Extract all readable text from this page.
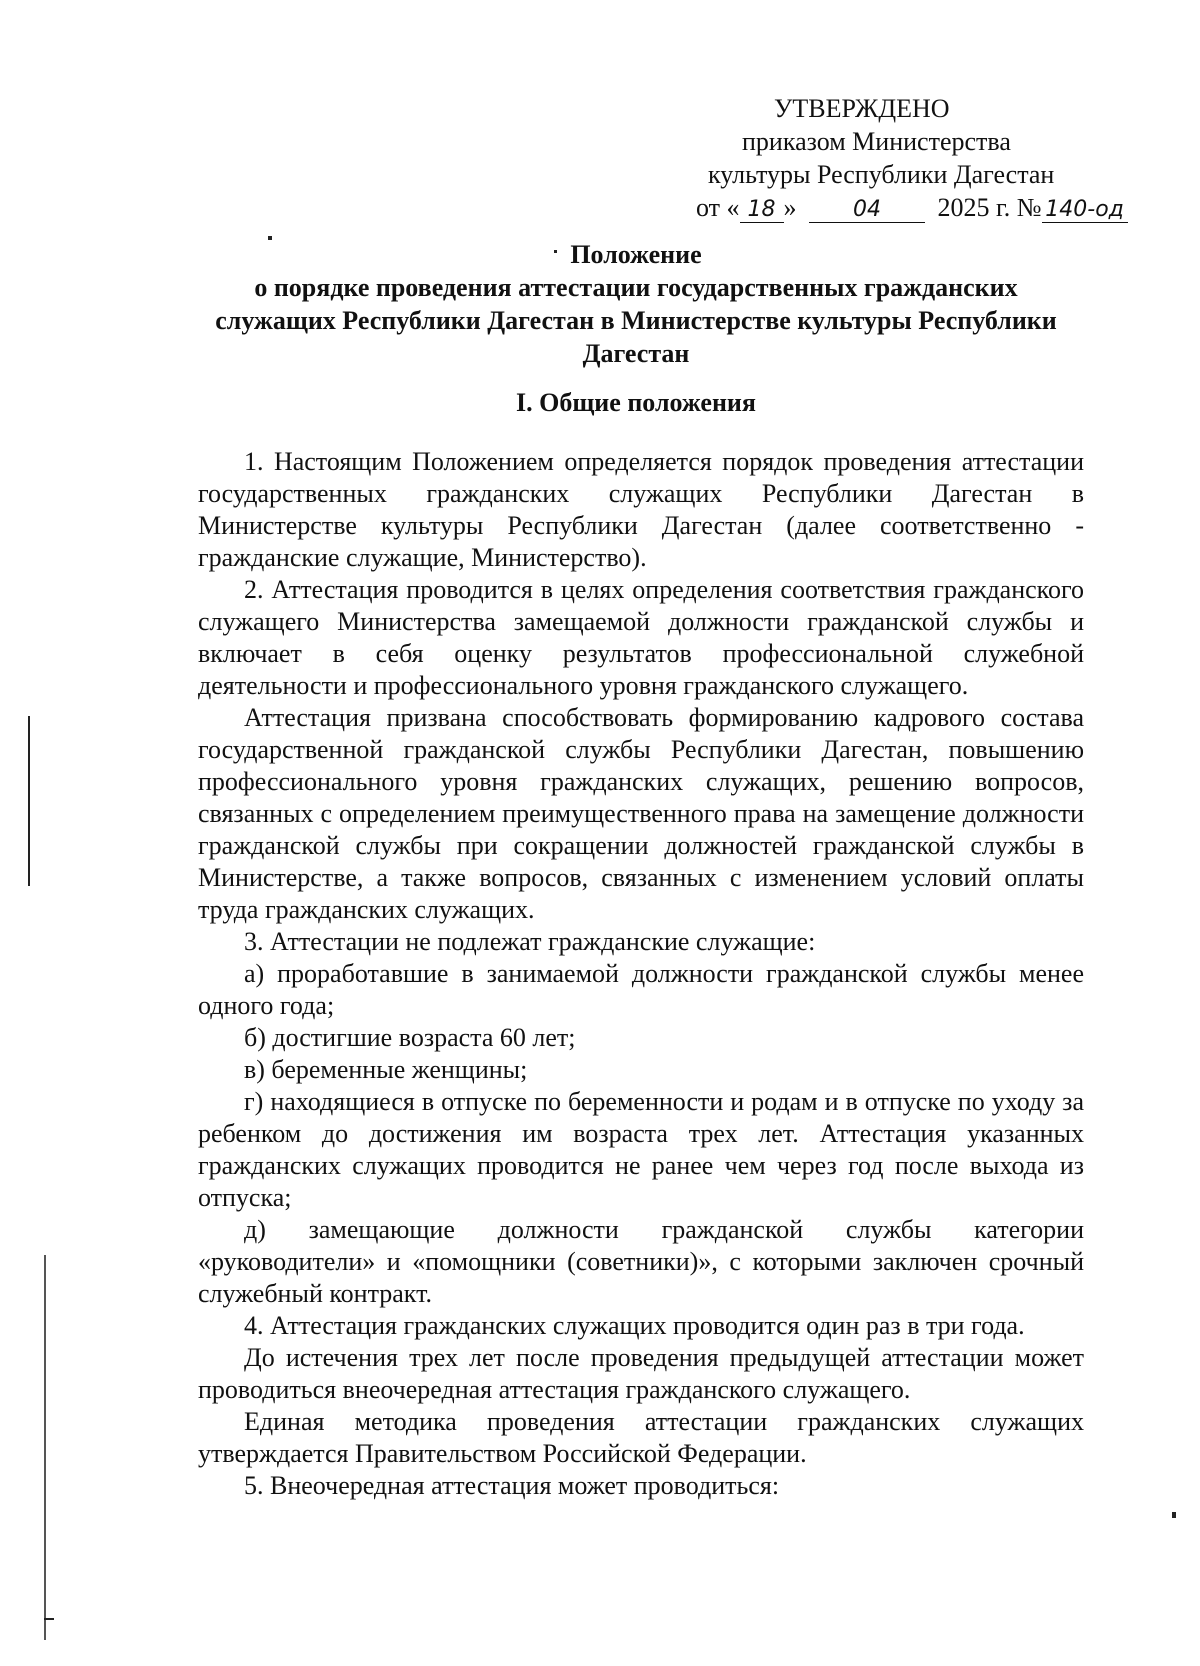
УТВЕРЖДЕНО
приказом Министерства
культуры Республики Дагестан
от « 18 »	04 2025 г. № 140-од
Положение
о порядке проведения аттестации государственных гражданских
служащих Республики Дагестан в Министерстве культуры Республики
Дагестан
I. Общие положения

1. Настоящим Положением определяется порядок проведения аттестации государственных гражданских служащих Республики Дагестан в Министерстве культуры Республики Дагестан (далее соответственно - гражданские служащие, Министерство).

2. Аттестация проводится в целях определения соответствия гражданского служащего Министерства замещаемой должности гражданской службы и включает в себя оценку результатов профессиональной служебной деятельности и профессионального уровня гражданского служащего.

Аттестация призвана способствовать формированию кадрового состава государственной гражданской службы Республики Дагестан, повышению профессионального уровня гражданских служащих, решению вопросов, связанных с определением преимущественного права на замещение должности гражданской службы при сокращении должностей гражданской службы в Министерстве, а также вопросов, связанных с изменением условий оплаты труда гражданских служащих.

3. Аттестации не подлежат гражданские служащие:

а) проработавшие в занимаемой должности гражданской службы менее одного года;

б) достигшие возраста 60 лет;

в) беременные женщины;

г) находящиеся в отпуске по беременности и родам и в отпуске по уходу за ребенком до достижения им возраста трех лет. Аттестация указанных гражданских служащих проводится не ранее чем через год после выхода из отпуска;

д) замещающие должности гражданской службы категории «руководители» и «помощники (советники)», с которыми заключен срочный служебный контракт.

4. Аттестация гражданских служащих проводится один раз в три года.

До истечения трех лет после проведения предыдущей аттестации может проводиться внеочередная аттестация гражданского служащего.

Единая методика проведения аттестации гражданских служащих утверждается Правительством Российской Федерации.

5. Внеочередная аттестация может проводиться:
